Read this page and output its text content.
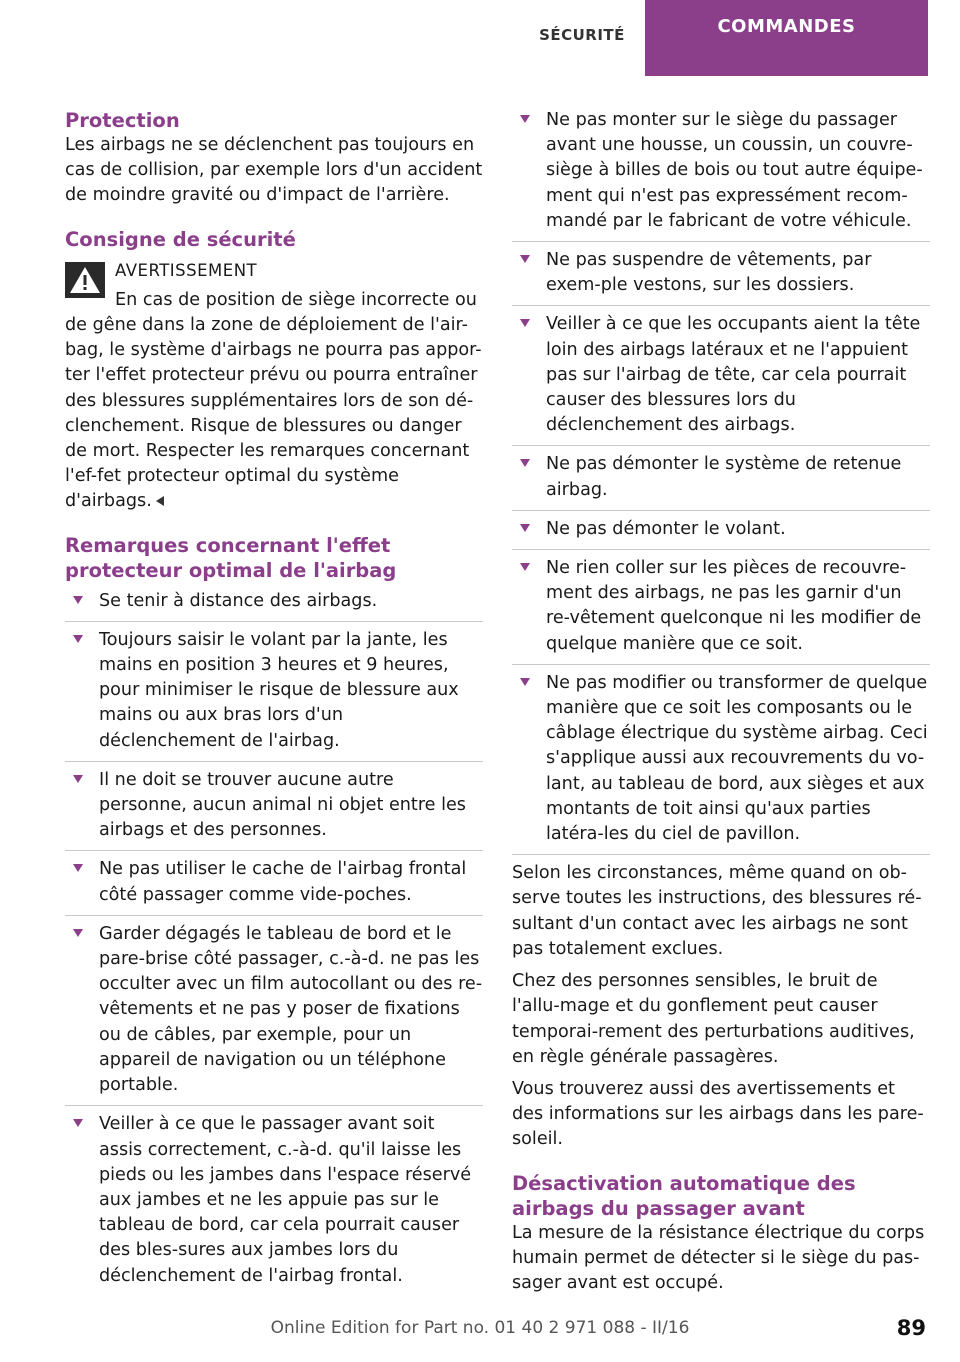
SÉCURITÉ	COMMANDES
Protection

Les airbags ne se déclenchent pas toujours en cas de collision, par exemple lors d'un accident de moindre gravité ou d'impact de l'arrière.

Consigne de sécurité
AVERTISSEMENT
En cas de position de siège incorrecte ou

de gêne dans la zone de déploiement de l'air-bag, le système d'airbags ne pourra pas appor-ter l'effet protecteur prévu ou pourra entraîner des blessures supplémentaires lors de son dé-clenchement. Risque de blessures ou danger de mort. Respecter les remarques concernant l'ef-fet protecteur optimal du système d'airbags.

Remarques concernant l'effet protecteur optimal de l'airbag
Se tenir à distance des airbags.
Toujours saisir le volant par la jante, les mains en position 3 heures et 9 heures, pour minimiser le risque de blessure aux mains ou aux bras lors d'un déclenchement de l'airbag.
Il ne doit se trouver aucune autre personne, aucun animal ni objet entre les airbags et des personnes.
Ne pas utiliser le cache de l'airbag frontal côté passager comme vide-poches.
Garder dégagés le tableau de bord et le pare-brise côté passager, c.-à-d. ne pas les occulter avec un film autocollant ou des re-vêtements et ne pas y poser de fixations ou de câbles, par exemple, pour un appareil de navigation ou un téléphone portable.
Veiller à ce que le passager avant soit assis correctement, c.-à-d. qu'il laisse les pieds ou les jambes dans l'espace réservé aux jambes et ne les appuie pas sur le tableau de bord, car cela pourrait causer des bles-sures aux jambes lors du déclenchement de l'airbag frontal.
Ne pas monter sur le siège du passager avant une housse, un coussin, un couvre-siège à billes de bois ou tout autre équipe-ment qui n'est pas expressément recom-mandé par le fabricant de votre véhicule.
Ne pas suspendre de vêtements, par exem-ple vestons, sur les dossiers.
Veiller à ce que les occupants aient la tête loin des airbags latéraux et ne l'appuient pas sur l'airbag de tête, car cela pourrait causer des blessures lors du déclenchement des airbags.
Ne pas démonter le système de retenue airbag.
Ne pas démonter le volant.
Ne rien coller sur les pièces de recouvre-ment des airbags, ne pas les garnir d'un re-vêtement quelconque ni les modifier de quelque manière que ce soit.
Ne pas modifier ou transformer de quelque manière que ce soit les composants ou le câblage électrique du système airbag. Ceci s'applique aussi aux recouvrements du vo-lant, au tableau de bord, aux sièges et aux montants de toit ainsi qu'aux parties latéra-les du ciel de pavillon.

Selon les circonstances, même quand on ob-serve toutes les instructions, des blessures ré-sultant d'un contact avec les airbags ne sont pas totalement exclues.

Chez des personnes sensibles, le bruit de l'allu-mage et du gonflement peut causer temporai-rement des perturbations auditives, en règle générale passagères.

Vous trouverez aussi des avertissements et des informations sur les airbags dans les pare-soleil.

Désactivation automatique des airbags du passager avant

La mesure de la résistance électrique du corps humain permet de détecter si le siège du pas-sager avant est occupé.

Online Edition for Part no. 01 40 2 971 088 - II/16	89
